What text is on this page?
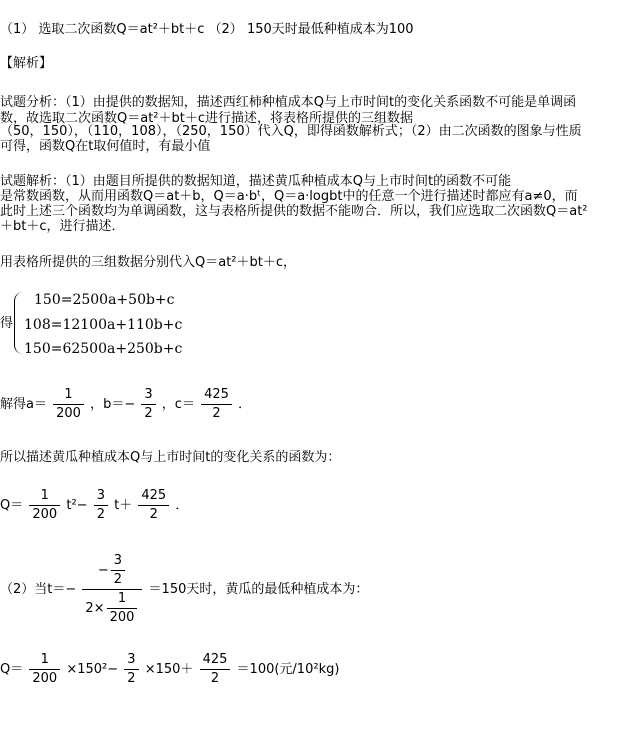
（1） 选取二次函数Q＝at²＋bt＋c （2） 150天时最低种植成本为100
【解析】
试题分析：（1）由提供的数据知，描述西红柿种植成本Q与上市时间t的变化关系函数不可能是单调函
数，故选取二次函数Q＝at²＋bt＋c进行描述，将表格所提供的三组数据
（50，150），（110，108），（250，150）代入Q，即得函数解析式；（2）由二次函数的图象与性质
可得，函数Q在t取何值时，有最小值
试题解析：（1）由题目所提供的数据知道，描述黄瓜种植成本Q与上市时间t的函数不可能
是常数函数，从而用函数Q＝at＋b，Q＝a·bᵗ，Q＝a·logbt中的任意一个进行描述时都应有a≠0，而
此时上述三个函数均为单调函数，这与表格所提供的数据不能吻合．所以，我们应选取二次函数Q＝at²
＋bt＋c，进行描述．
用表格所提供的三组数据分别代入Q＝at²＋bt＋c，
得
150=2500a+50b+c
108=12100a+110b+c
150=62500a+250b+c
解得$a= \frac{1}{200}$ ，$b=- \frac{3}{2}$ ，$c= \frac{425}{2}$ ．
所以描述黄瓜种植成本Q与上市时间t的变化关系的函数为：
$Q= \frac{1}{200} t^2- \frac{3}{2} t+ \frac{425}{2}$ ．
（2）当$t=- \frac{- \frac{3}{2}}{2\times \frac{1}{200}} =150$天时，黄瓜的最低种植成本为：
$Q= \frac{1}{200} \times 150^2- \frac{3}{2} \times 150+ \frac{425}{2} =100$(元/10²kg)
